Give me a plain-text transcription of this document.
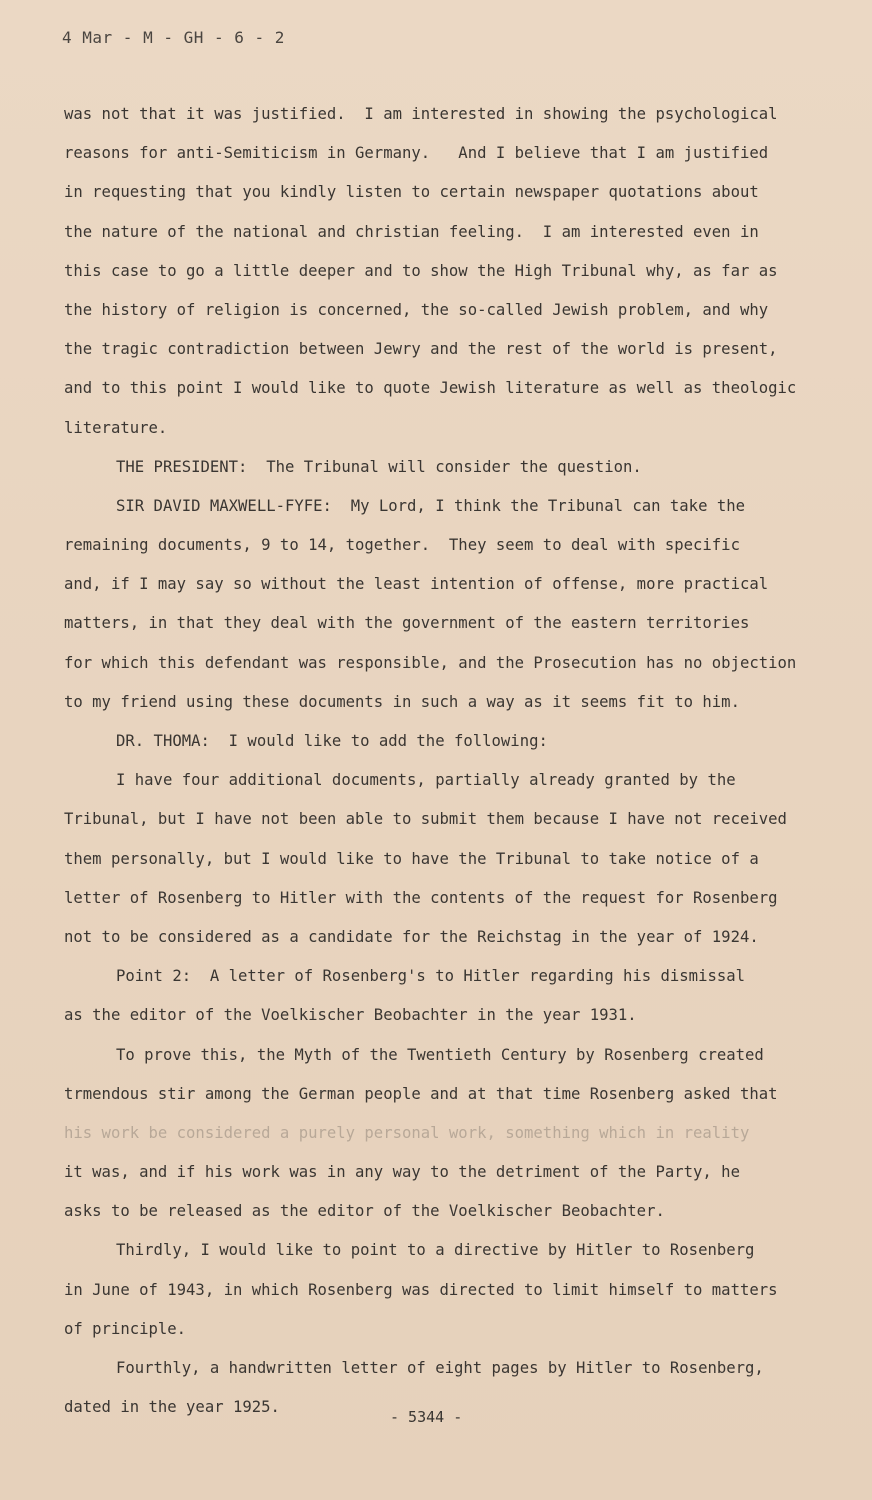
4 Mar - M - GH - 6 - 2
was not that it was justified.  I am interested in showing the psychological
reasons for anti-Semiticism in Germany.   And I believe that I am justified
in requesting that you kindly listen to certain newspaper quotations about
the nature of the national and christian feeling.  I am interested even in
this case to go a little deeper and to show the High Tribunal why, as far as
the history of religion is concerned, the so-called Jewish problem, and why
the tragic contradiction between Jewry and the rest of the world is present,
and to this point I would like to quote Jewish literature as well as theologic
literature.
THE PRESIDENT:  The Tribunal will consider the question.
SIR DAVID MAXWELL-FYFE:  My Lord, I think the Tribunal can take the
remaining documents, 9 to 14, together.  They seem to deal with specific
and, if I may say so without the least intention of offense, more practical
matters, in that they deal with the government of the eastern territories
for which this defendant was responsible, and the Prosecution has no objection
to my friend using these documents in such a way as it seems fit to him.
DR. THOMA:  I would like to add the following:
I have four additional documents, partially already granted by the
Tribunal, but I have not been able to submit them because I have not received
them personally, but I would like to have the Tribunal to take notice of a
letter of Rosenberg to Hitler with the contents of the request for Rosenberg
not to be considered as a candidate for the Reichstag in the year of 1924.
Point 2:  A letter of Rosenberg's to Hitler regarding his dismissal
as the editor of the Voelkischer Beobachter in the year 1931.
To prove this, the Myth of the Twentieth Century by Rosenberg created
trmendous stir among the German people and at that time Rosenberg asked that
his work be considered a purely personal work, something which in reality
it was, and if his work was in any way to the detriment of the Party, he
asks to be released as the editor of the Voelkischer Beobachter.
Thirdly, I would like to point to a directive by Hitler to Rosenberg
in June of 1943, in which Rosenberg was directed to limit himself to matters
of principle.
Fourthly, a handwritten letter of eight pages by Hitler to Rosenberg,
dated in the year 1925.
- 5344 -
